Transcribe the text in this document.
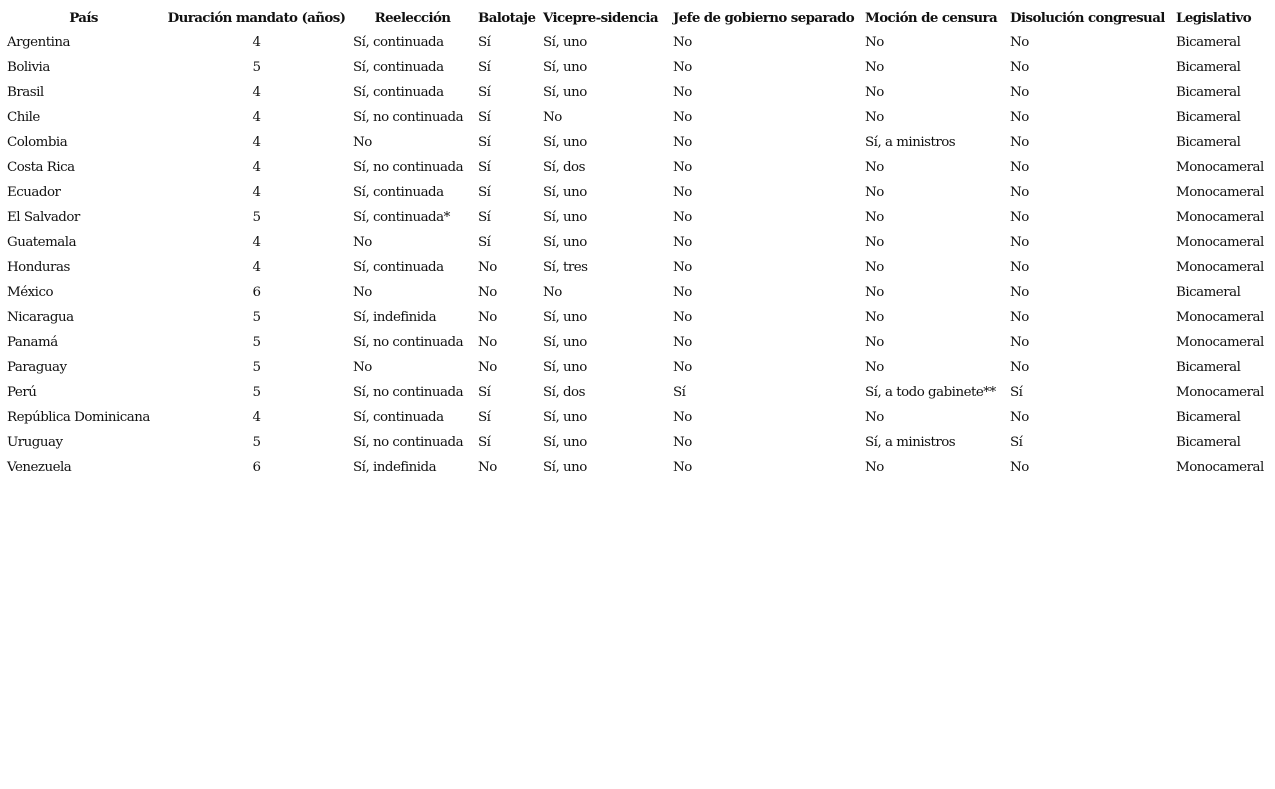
País	Duración mandato (años)	Reelección	Balotaje	Vicepre-sidencia	Jefe de gobierno separado	Moción de censura	Disolución congresual	Legislativo
Argentina	4	Sí, continuada	Sí	Sí, uno	No	No	No	Bicameral
Bolivia	5	Sí, continuada	Sí	Sí, uno	No	No	No	Bicameral
Brasil	4	Sí, continuada	Sí	Sí, uno	No	No	No	Bicameral
Chile	4	Sí, no continuada	Sí	No	No	No	No	Bicameral
Colombia	4	No	Sí	Sí, uno	No	Sí, a ministros	No	Bicameral
Costa Rica	4	Sí, no continuada	Sí	Sí, dos	No	No	No	Monocameral
Ecuador	4	Sí, continuada	Sí	Sí, uno	No	No	No	Monocameral
El Salvador	5	Sí, continuada*	Sí	Sí, uno	No	No	No	Monocameral
Guatemala	4	No	Sí	Sí, uno	No	No	No	Monocameral
Honduras	4	Sí, continuada	No	Sí, tres	No	No	No	Monocameral
México	6	No	No	No	No	No	No	Bicameral
Nicaragua	5	Sí, indefinida	No	Sí, uno	No	No	No	Monocameral
Panamá	5	Sí, no continuada	No	Sí, uno	No	No	No	Monocameral
Paraguay	5	No	No	Sí, uno	No	No	No	Bicameral
Perú	5	Sí, no continuada	Sí	Sí, dos	Sí	Sí, a todo gabinete**	Sí	Monocameral
República Dominicana	4	Sí, continuada	Sí	Sí, uno	No	No	No	Bicameral
Uruguay	5	Sí, no continuada	Sí	Sí, uno	No	Sí, a ministros	Sí	Bicameral
Venezuela	6	Sí, indefinida	No	Sí, uno	No	No	No	Monocameral
